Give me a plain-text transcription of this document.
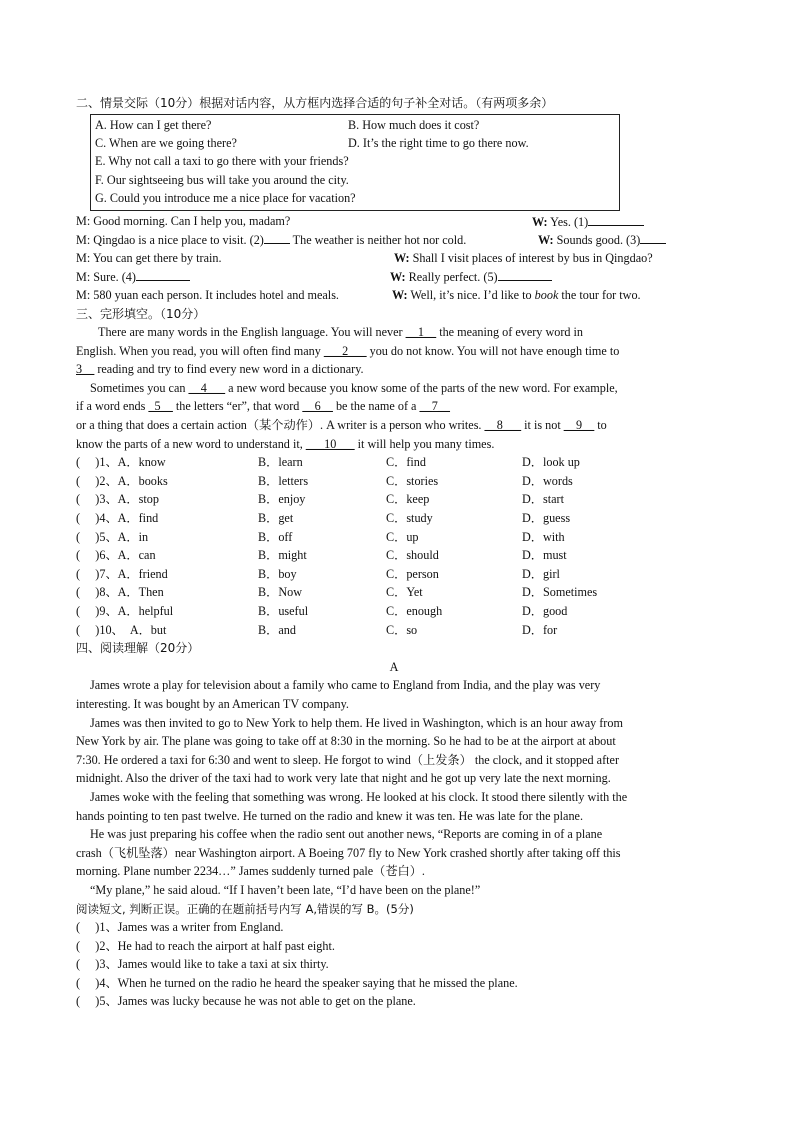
二、情景交际（10分）根据对话内容，从方框内选择合适的句子补全对话。（有两项多余）
A. How can I get there?	B. How much does it cost?
C. When are we going there?	D. It’s the right time to go there now.
E. Why not call a taxi to go there with your friends?
F. Our sightseeing bus will take you around the city.
G. Could you introduce me a nice place for vacation?
M: Good morning. Can I help you, madam?	W: Yes. (1)
M: Qingdao is a nice place to visit. (2) The weather is neither hot nor cold.	W: Sounds good. (3)
M: You can get there by train.	W: Shall I visit places of interest by bus in Qingdao?
M: Sure. (4)	W: Really perfect. (5)
M: 580 yuan each person. It includes hotel and meals.	W: Well, it’s nice. I’d like to book the tour for two.
三、完形填空。（10分）
There are many words in the English language. You will never __1__ the meaning of every word in
English. When you read, you will often find many ___2___ you do not know. You will not have enough time to
3__ reading and try to find every new word in a dictionary.
Sometimes you can __4___ a new word because you know some of the parts of the new word. For example,
if a word ends _5__ the letters “er”, that word __6__ be the name of a __7__
or a thing that does a certain action（某个动作）. A writer is a person who writes. __8___ it is not __9__ to
know the parts of a new word to understand it, ___10___ it will help you many times.
(　 )1、A．know	B．learn	C．find	D．look up
(　 )2、A．books	B．letters	C．stories	D．words
(　 )3、A．stop	B．enjoy	C．keep	D．start
(　 )4、A．find	B．get	C．study	D．guess
(　 )5、A．in	B．off	C．up	D．with
(　 )6、A．can	B．might	C．should	D．must
(　 )7、A．friend	B．boy	C．person	D．girl
(　 )8、A．Then	B．Now	C．Yet	D．Sometimes
(　 )9、A．helpful	B．useful	C．enough	D．good
(　 )10、　A．but	B．and	C．so	D．for
四、阅读理解（20分）
A
James wrote a play for television about a family who came to England from India, and the play was very
interesting. It was bought by an American TV company.
James was then invited to go to New York to help them. He lived in Washington, which is an hour away from
New York by air. The plane was going to take off at 8:30 in the morning. So he had to be at the airport at about
7:30. He ordered a taxi for 6:30 and went to sleep. He forgot to wind（上发条） the clock, and it stopped after
midnight. Also the driver of the taxi had to work very late that night and he got up very late the next morning.
James woke with the feeling that something was wrong. He looked at his clock. It stood there silently with the
hands pointing to ten past twelve. He turned on the radio and knew it was ten. He was late for the plane.
He was just preparing his coffee when the radio sent out another news, “Reports are coming in of a plane
crash（飞机坠落）near Washington airport. A Boeing 707 fly to New York crashed shortly after taking off this
morning. Plane number 2234…” James suddenly turned pale（苍白）.
“My plane,” he said aloud. “If I haven’t been late, “I’d have been on the plane!”
阅读短文, 判断正误。正确的在题前括号内写 A,错误的写 B。(5分)
(　 )1、James was a writer from England.
(　 )2、He had to reach the airport at half past eight.
(　 )3、James would like to take a taxi at six thirty.
(　 )4、When he turned on the radio he heard the speaker saying that he missed the plane.
(　 )5、James was lucky because he was not able to get on the plane.
